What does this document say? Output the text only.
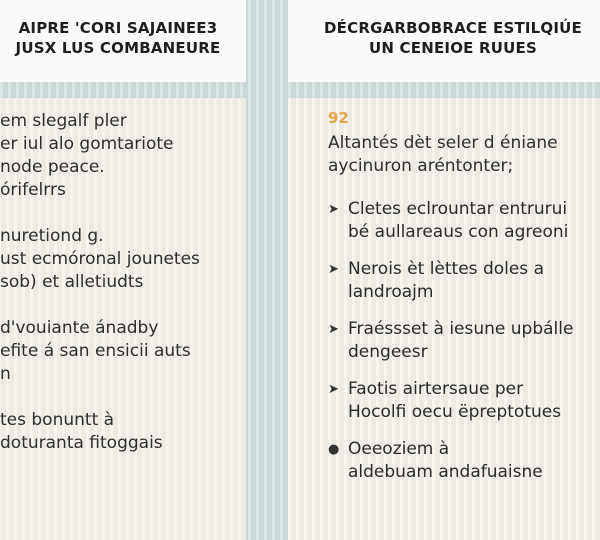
AIPRE 'CORI SAJAINEE3
JUSX LUS COMBANEURE
DÉCRGARBOBRACE ESTILQIÚE
UN CENEIOE RUUES
em slegalf pler
er iul alo gomtariote
node peace.
órifelrrs
nuretiond g.
ust ecmóronal jounetes
sob) et alletiudts
d'vouiante ánadby
efite á san ensicii auts
n
tes bonuntt à
doturanta fitoggais
92
Altantés dèt seler d éniane
aycinuron aréntonter;
➤ Cletes eclrountar entrurui
bé aullareaus con agreoni
➤ Nerois èt lèttes doles a
landroajm
➤ Fraéssset à iesune upbálle
dengeesr
➤ Faotis airtersaue per
Hocolfi oecu ëpreptotues
● Oeeoziem à
aldebuam andafuaisne
